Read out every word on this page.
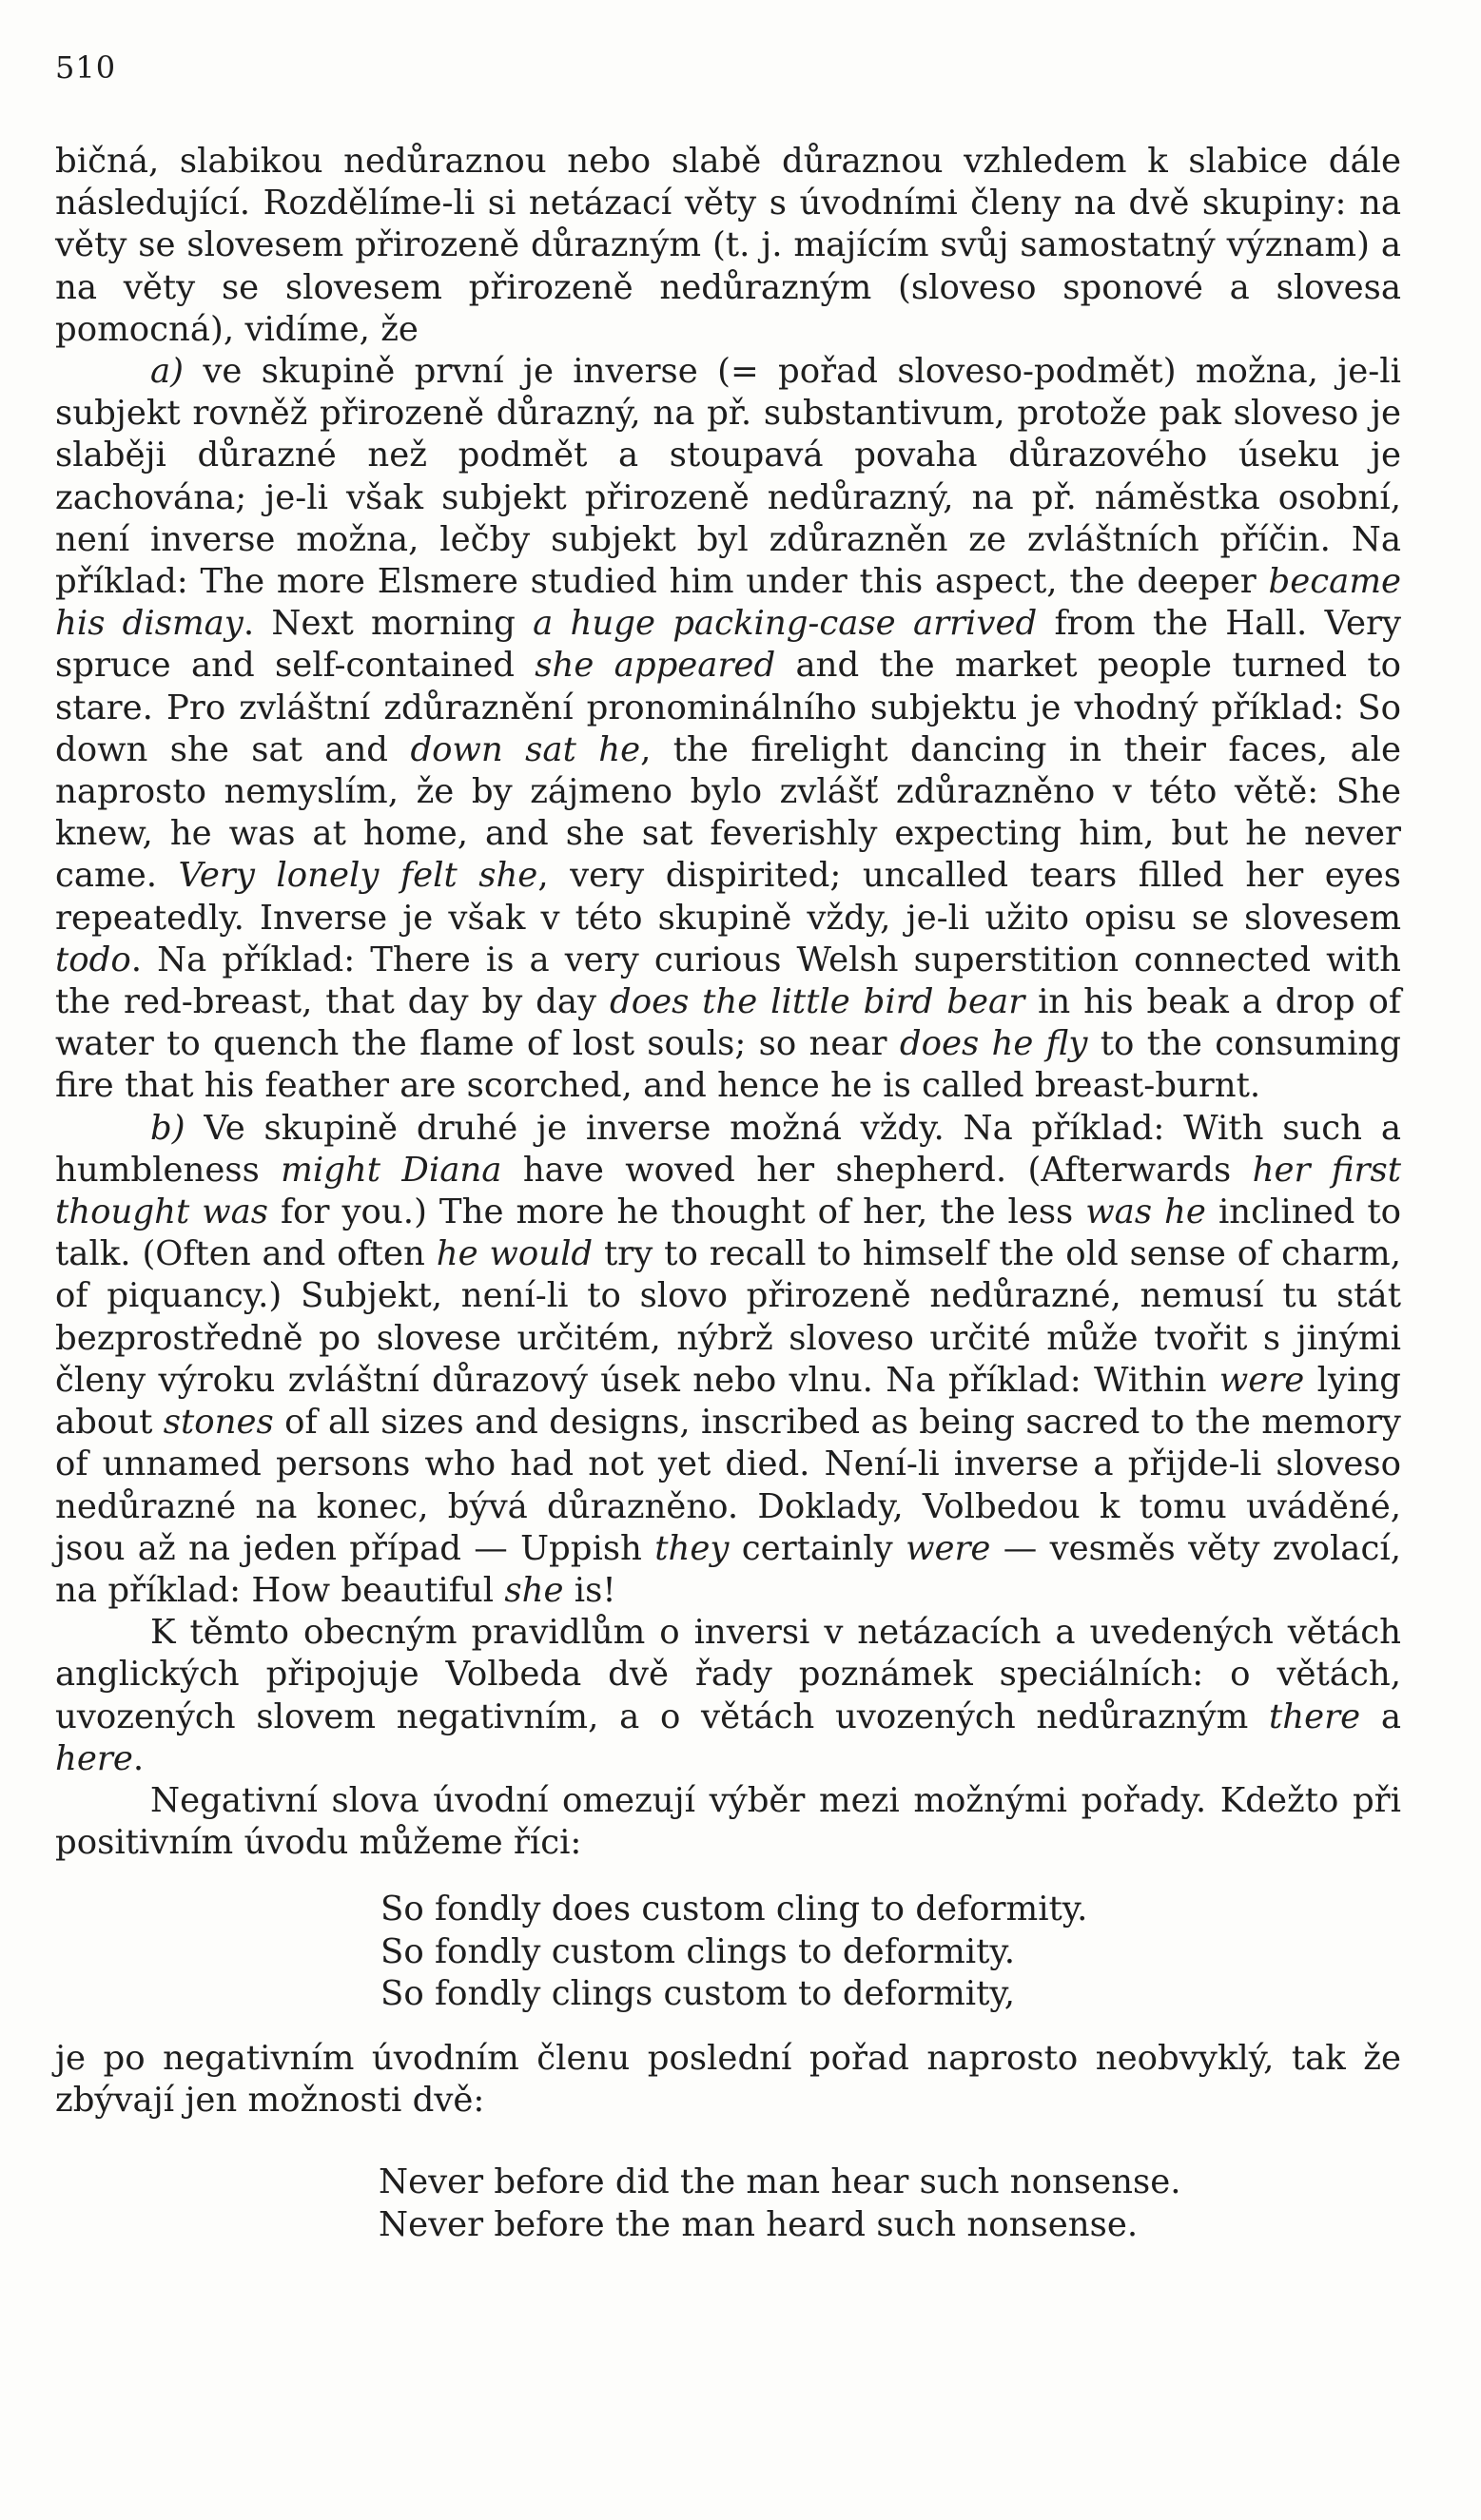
510

bičná, slabikou nedůraznou nebo slabě důraznou vzhledem k slabice dále následující. Rozdělíme-li si netázací věty s úvodními členy na dvě skupiny: na věty se slovesem přirozeně důrazným (t. j. majícím svůj samostatný význam) a na věty se slovesem přirozeně nedůrazným (sloveso sponové a slovesa pomocná), vidíme, že

a) ve skupině první je inverse (= pořad sloveso-podmět) možna, je-li subjekt rovněž přirozeně důrazný, na př. substantivum, protože pak sloveso je slaběji důrazné než podmět a stoupavá povaha důrazového úseku je zachována; je-li však subjekt přirozeně nedůrazný, na př. náměstka osobní, není inverse možna, lečby subjekt byl zdůrazněn ze zvláštních příčin. Na příklad: The more Elsmere studied him under this aspect, the deeper became his dismay. Next morning a huge packing-case arrived from the Hall. Very spruce and self-contained she appeared and the market people turned to stare. Pro zvláštní zdůraznění pronominálního subjektu je vhodný příklad: So down she sat and down sat he, the firelight dancing in their faces, ale naprosto nemyslím, že by zájmeno bylo zvlášť zdůrazněno v této větě: She knew, he was at home, and she sat feverishly expecting him, but he never came. Very lonely felt she, very dispirited; uncalled tears filled her eyes repeatedly. Inverse je však v této skupině vždy, je-li užito opisu se slovesem todo. Na příklad: There is a very curious Welsh superstition connected with the red-breast, that day by day does the little bird bear in his beak a drop of water to quench the flame of lost souls; so near does he fly to the consuming fire that his feather are scorched, and hence he is called breast-burnt.

b) Ve skupině druhé je inverse možná vždy. Na příklad: With such a humbleness might Diana have woved her shepherd. (Afterwards her first thought was for you.) The more he thought of her, the less was he inclined to talk. (Often and often he would try to recall to himself the old sense of charm, of piquancy.) Subjekt, není-li to slovo přirozeně nedůrazné, nemusí tu stát bezprostředně po slovese určitém, nýbrž sloveso určité může tvořit s jinými členy výroku zvláštní důrazový úsek nebo vlnu. Na příklad: Within were lying about stones of all sizes and designs, inscribed as being sacred to the memory of unnamed persons who had not yet died. Není-li inverse a přijde-li sloveso nedůrazné na konec, bývá důrazněno. Doklady, Volbedou k tomu uváděné, jsou až na jeden případ — Uppish they certainly were — vesměs věty zvolací, na příklad: How beautiful she is!

K těmto obecným pravidlům o inversi v netázacích a uvedených větách anglických připojuje Volbeda dvě řady poznámek speciálních: o větách, uvozených slovem negativním, a o větách uvozených nedůrazným there a here.

Negativní slova úvodní omezují výběr mezi možnými pořady. Kdežto při positivním úvodu můžeme říci:

So fondly does custom cling to deformity.
So fondly custom clings to deformity.
So fondly clings custom to deformity,

je po negativním úvodním členu poslední pořad naprosto neobvyklý, tak že zbývají jen možnosti dvě:

Never before did the man hear such nonsense.
Never before the man heard such nonsense.
